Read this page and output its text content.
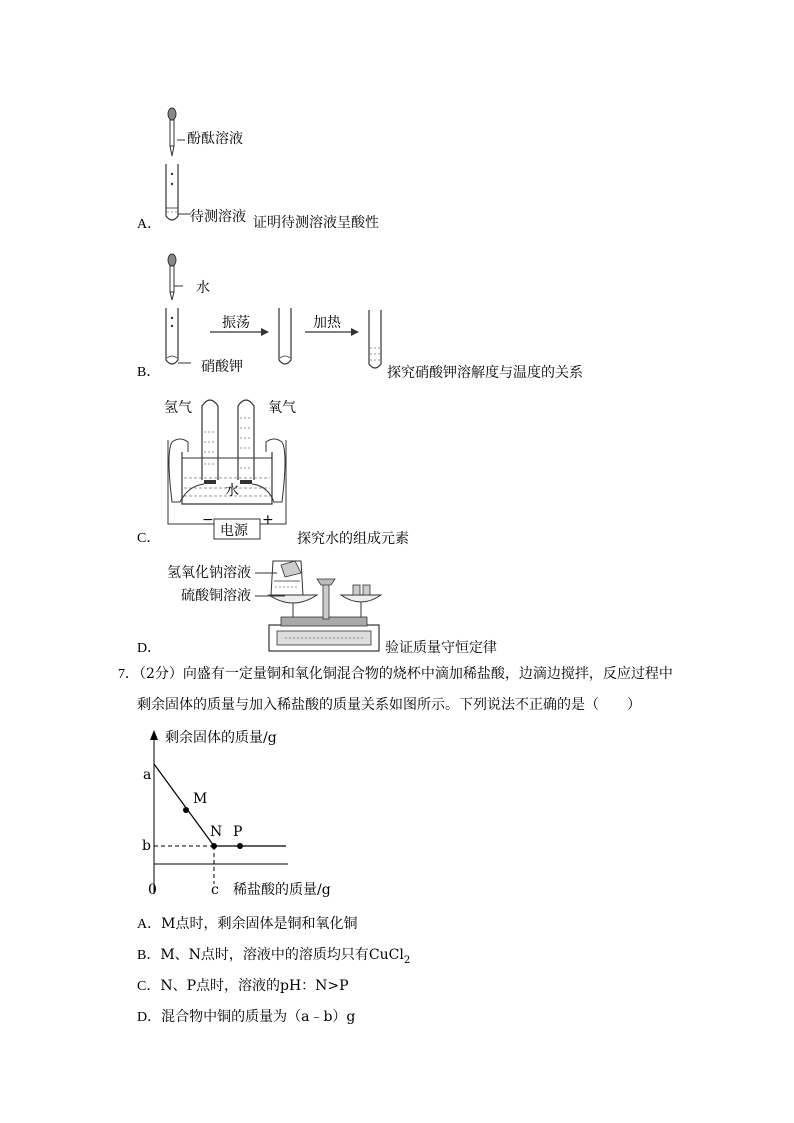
酚酞溶液
待测溶液 证明待测溶液呈酸性
A．
水
振荡	加热
硝酸钾	探究硝酸钾溶解度与温度的关系
B．
氢气	氧气
水
电源
−	+
探究水的组成元素
C．
氢氧化钠溶液
硫酸铜溶液
验证质量守恒定律
D．
7．（2分）向盛有一定量铜和氧化铜混合物的烧杯中滴加稀盐酸，边滴边搅拌，反应过程中
剩余固体的质量与加入稀盐酸的质量关系如图所示。下列说法不正确的是（　　）
剩余固体的质量/g
a
M
N P
b
0	c 稀盐酸的质量/g
A．M点时，剩余固体是铜和氧化铜
B．M、N点时，溶液中的溶质均只有CuCl$_2$
C．N、P点时，溶液的pH：N>P
D．混合物中铜的质量为（a﹣b）g
